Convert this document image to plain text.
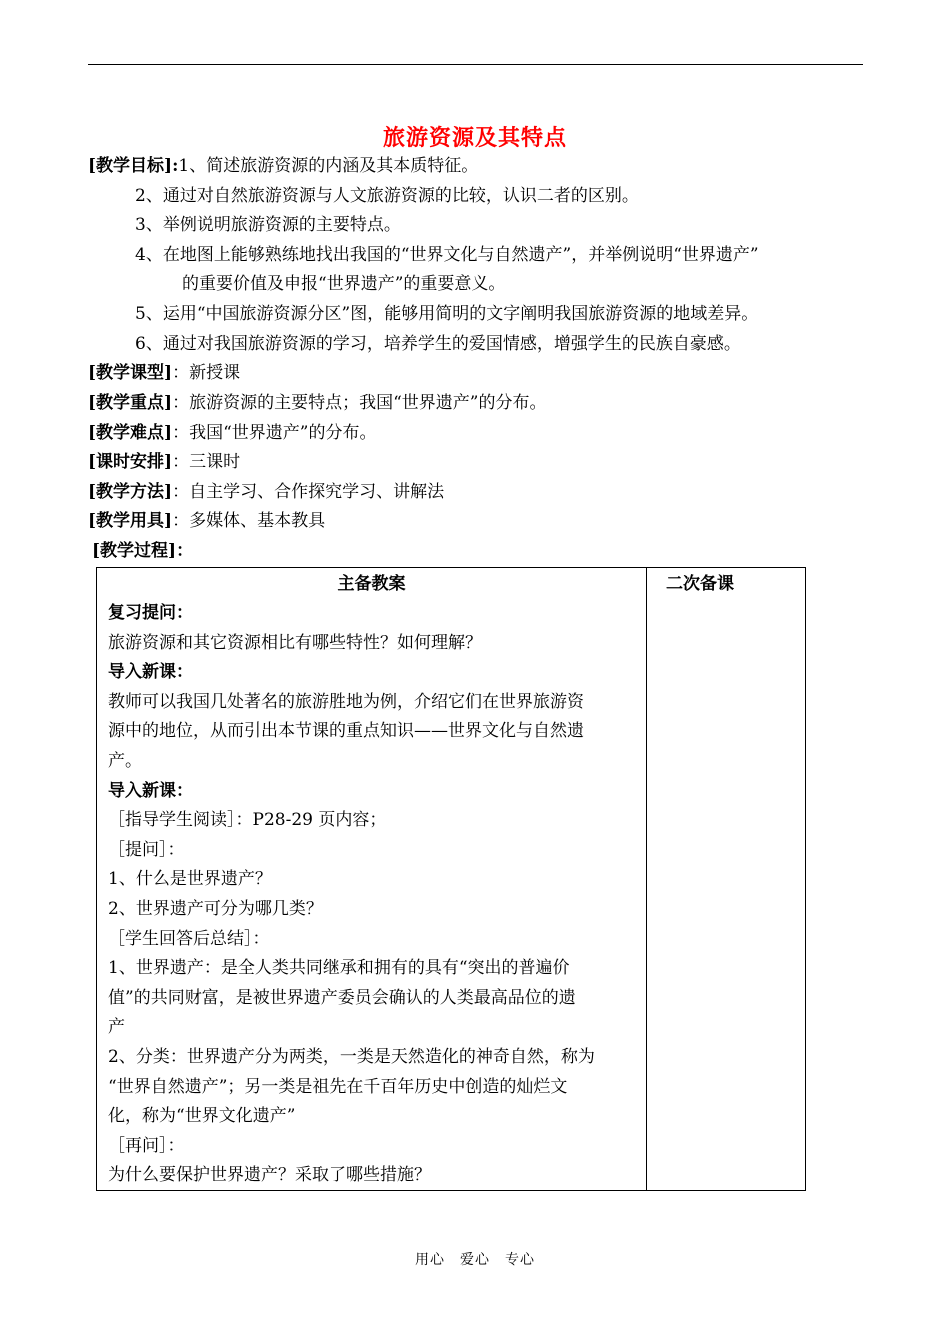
旅游资源及其特点
[教学目标]:1、简述旅游资源的内涵及其本质特征。
2、通过对自然旅游资源与人文旅游资源的比较，认识二者的区别。
3、举例说明旅游资源的主要特点。
4、在地图上能够熟练地找出我国的“世界文化与自然遗产”，并举例说明“世界遗产”
的重要价值及申报“世界遗产”的重要意义。
5、运用“中国旅游资源分区”图，能够用简明的文字阐明我国旅游资源的地域差异。
6、通过对我国旅游资源的学习，培养学生的爱国情感，增强学生的民族自豪感。
[教学课型]：新授课
[教学重点]：旅游资源的主要特点；我国“世界遗产”的分布。
[教学难点]：我国“世界遗产”的分布。
[课时安排]：三课时
[教学方法]：自主学习、合作探究学习、讲解法
[教学用具]：多媒体、基本教具
[教学过程]：
主备教案	二次备课
复习提问：
旅游资源和其它资源相比有哪些特性？如何理解？
导入新课：
教师可以我国几处著名的旅游胜地为例，介绍它们在世界旅游资
源中的地位，从而引出本节课的重点知识——世界文化与自然遗
产。
导入新课：
［指导学生阅读］：P28-29 页内容；
［提问］：
1、什么是世界遗产？
2、世界遗产可分为哪几类？
［学生回答后总结］：
1、世界遗产：是全人类共同继承和拥有的具有“突出的普遍价
值”的共同财富，是被世界遗产委员会确认的人类最高品位的遗
产
2、分类：世界遗产分为两类，一类是天然造化的神奇自然，称为
“世界自然遗产”；另一类是祖先在千百年历史中创造的灿烂文
化，称为“世界文化遗产”
［再问］：
为什么要保护世界遗产？采取了哪些措施？
用心　爱心　专心
